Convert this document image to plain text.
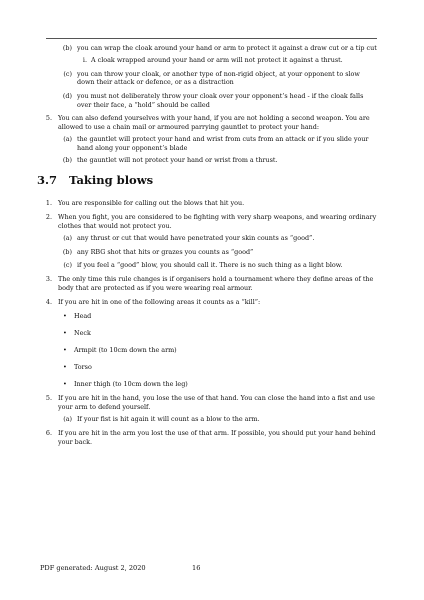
(b) you can wrap the cloak around your hand or arm to protect it against a draw cut or a tip cut
i. A cloak wrapped around your hand or arm will not protect it against a thrust.
(c) you can throw your cloak, or another type of non-rigid object, at your opponent to slow down their attack or defence, or as a distraction
(d) you must not deliberately throw your cloak over your opponent’s head - if the cloak falls over their face, a “hold” should be called
5. You can also defend yourselves with your hand, if you are not holding a second weapon. You are allowed to use a chain mail or armoured parrying gauntlet to protect your hand:
(a) the gauntlet will protect your hand and wrist from cuts from an attack or if you slide your hand along your opponent’s blade
(b) the gauntlet will not protect your hand or wrist from a thrust.
3.7 Taking blows
1. You are responsible for calling out the blows that hit you.
2. When you fight, you are considered to be fighting with very sharp weapons, and wearing ordinary clothes that would not protect you.
(a) any thrust or cut that would have penetrated your skin counts as “good”.
(b) any RBG shot that hits or grazes you counts as “good”
(c) if you feel a “good” blow, you should call it. There is no such thing as a light blow.
3. The only time this rule changes is if organisers hold a tournament where they define areas of the body that are protected as if you were wearing real armour.
4. If you are hit in one of the following areas it counts as a “kill”:
• Head
• Neck
• Armpit (to 10cm down the arm)
• Torso
• Inner thigh (to 10cm down the leg)
5. If you are hit in the hand, you lose the use of that hand. You can close the hand into a fist and use your arm to defend yourself.
(a) If your fist is hit again it will count as a blow to the arm.
6. If you are hit in the arm you lost the use of that arm. If possible, you should put your hand behind your back.
PDF generated: August 2, 2020	16
